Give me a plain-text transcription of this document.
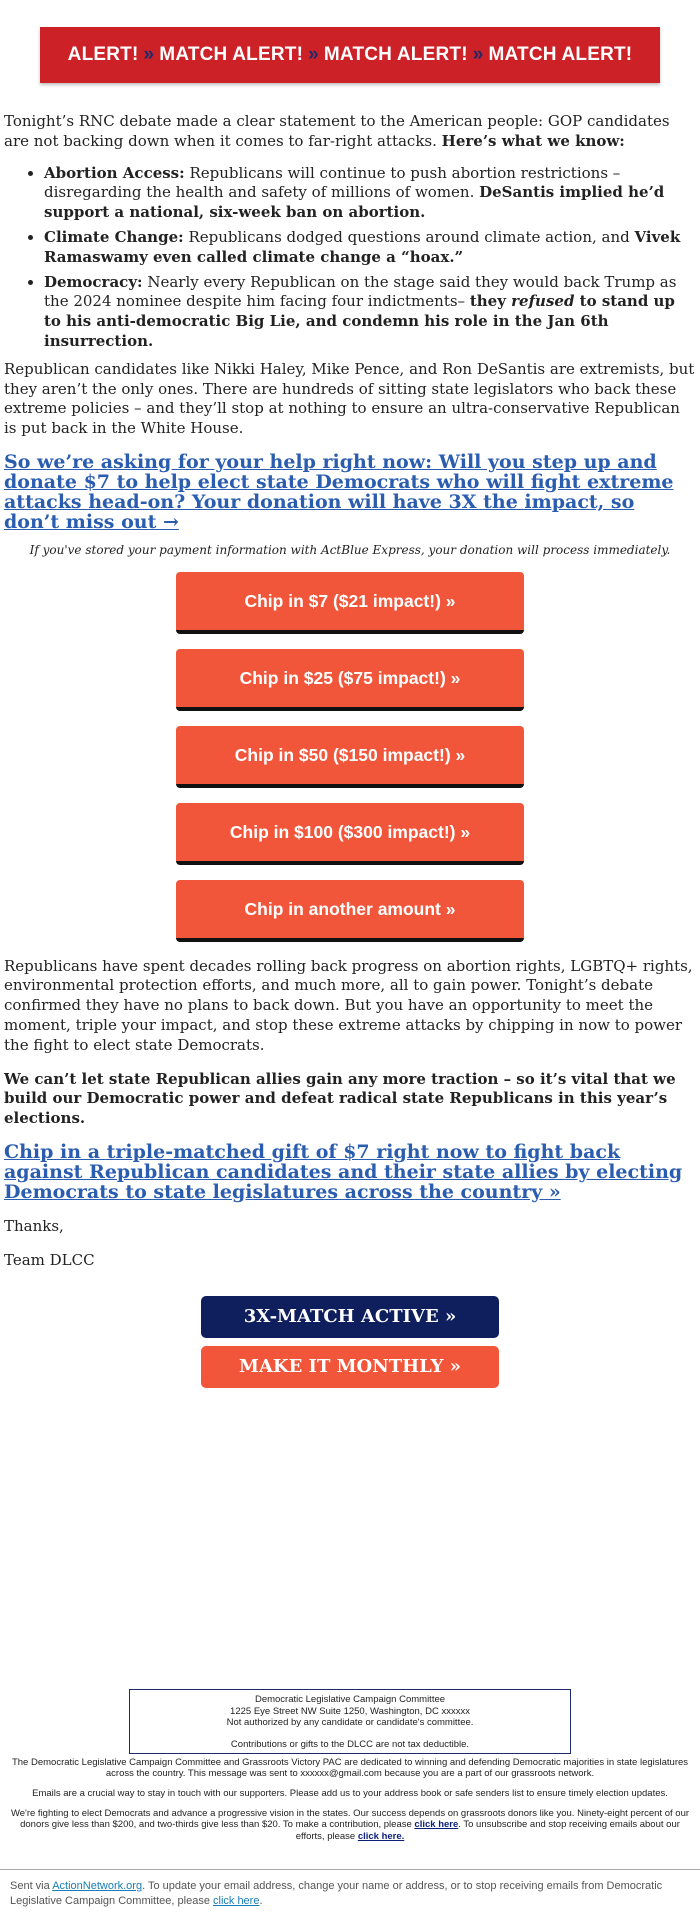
ALERT! » MATCH ALERT! » MATCH ALERT! » MATCH ALERT!

Tonight’s RNC debate made a clear statement to the American people: GOP candidates are not backing down when it comes to far-right attacks. Here’s what we know:

• Abortion Access: Republicans will continue to push abortion restrictions – disregarding the health and safety of millions of women. DeSantis implied he’d support a national, six-week ban on abortion.
• Climate Change: Republicans dodged questions around climate action, and Vivek Ramaswamy even called climate change a “hoax.”
• Democracy: Nearly every Republican on the stage said they would back Trump as the 2024 nominee despite him facing four indictments– they refused to stand up to his anti-democratic Big Lie, and condemn his role in the Jan 6th insurrection.

Republican candidates like Nikki Haley, Mike Pence, and Ron DeSantis are extremists, but they aren’t the only ones. There are hundreds of sitting state legislators who back these extreme policies – and they’ll stop at nothing to ensure an ultra-conservative Republican is put back in the White House.

So we’re asking for your help right now: Will you step up and donate $7 to help elect state Democrats who will fight extreme attacks head-on? Your donation will have 3X the impact, so don’t miss out →

If you've stored your payment information with ActBlue Express, your donation will process immediately.

Chip in $7 ($21 impact!) »
Chip in $25 ($75 impact!) »
Chip in $50 ($150 impact!) »
Chip in $100 ($300 impact!) »
Chip in another amount »

Republicans have spent decades rolling back progress on abortion rights, LGBTQ+ rights, environmental protection efforts, and much more, all to gain power. Tonight’s debate confirmed they have no plans to back down. But you have an opportunity to meet the moment, triple your impact, and stop these extreme attacks by chipping in now to power the fight to elect state Democrats.

We can’t let state Republican allies gain any more traction – so it’s vital that we build our Democratic power and defeat radical state Republicans in this year’s elections.

Chip in a triple-matched gift of $7 right now to fight back against Republican candidates and their state allies by electing Democrats to state legislatures across the country »

Thanks,

Team DLCC

3X-MATCH ACTIVE »
MAKE IT MONTHLY »
Democratic Legislative Campaign Committee
1225 Eye Street NW Suite 1250, Washington, DC xxxxxx
Not authorized by any candidate or candidate's committee.
Contributions or gifts to the DLCC are not tax deductible.

The Democratic Legislative Campaign Committee and Grassroots Victory PAC are dedicated to winning and defending Democratic majorities in state legislatures across the country. This message was sent to xxxxxx@gmail.com because you are a part of our grassroots network.

Emails are a crucial way to stay in touch with our supporters. Please add us to your address book or safe senders list to ensure timely election updates.

We're fighting to elect Democrats and advance a progressive vision in the states. Our success depends on grassroots donors like you. Ninety-eight percent of our donors give less than $200, and two-thirds give less than $20. To make a contribution, please click here. To unsubscribe and stop receiving emails about our efforts, please click here.

Sent via ActionNetwork.org. To update your email address, change your name or address, or to stop receiving emails from Democratic Legislative Campaign Committee, please click here.
